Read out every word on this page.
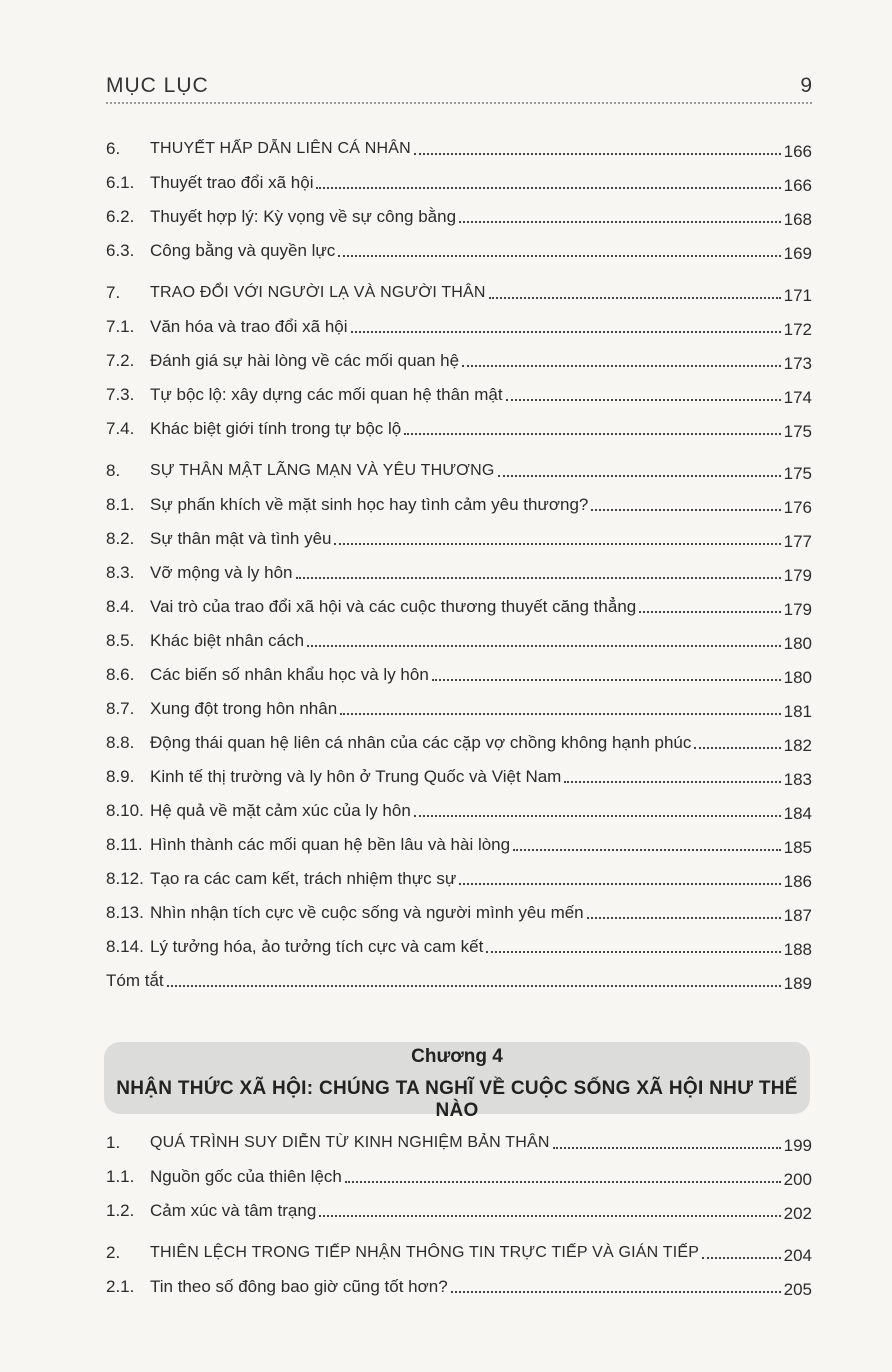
MỤC LỤC	9
6.	THUYẾT HẤP DẪN LIÊN CÁ NHÂN	166
6.1. Thuyết trao đổi xã hội	166
6.2. Thuyết hợp lý: Kỳ vọng về sự công bằng	168
6.3. Công bằng và quyền lực	169
7.	TRAO ĐỔI VỚI NGƯỜI LẠ VÀ NGƯỜI THÂN	171
7.1. Văn hóa và trao đổi xã hội	172
7.2. Đánh giá sự hài lòng về các mối quan hệ	173
7.3. Tự bộc lộ: xây dựng các mối quan hệ thân mật	174
7.4. Khác biệt giới tính trong tự bộc lộ	175
8.	SỰ THÂN MẬT LÃNG MẠN VÀ YÊU THƯƠNG	175
8.1. Sự phấn khích về mặt sinh học hay tình cảm yêu thương?	176
8.2. Sự thân mật và tình yêu	177
8.3. Vỡ mộng và ly hôn	179
8.4. Vai trò của trao đổi xã hội và các cuộc thương thuyết căng thẳng	179
8.5. Khác biệt nhân cách	180
8.6. Các biến số nhân khẩu học và ly hôn	180
8.7. Xung đột trong hôn nhân	181
8.8. Động thái quan hệ liên cá nhân của các cặp vợ chồng không hạnh phúc	182
8.9. Kinh tế thị trường và ly hôn ở Trung Quốc và Việt Nam	183
8.10. Hệ quả về mặt cảm xúc của ly hôn	184
8.11. Hình thành các mối quan hệ bền lâu và hài lòng	185
8.12. Tạo ra các cam kết, trách nhiệm thực sự	186
8.13. Nhìn nhận tích cực về cuộc sống và người mình yêu mến	187
8.14. Lý tưởng hóa, ảo tưởng tích cực và cam kết	188
Tóm tắt	189
Chương 4
NHẬN THỨC XÃ HỘI: CHÚNG TA NGHĨ VỀ CUỘC SỐNG XÃ HỘI NHƯ THẾ NÀO
1.	QUÁ TRÌNH SUY DIỄN TỪ KINH NGHIỆM BẢN THÂN	199
1.1. Nguồn gốc của thiên lệch	200
1.2. Cảm xúc và tâm trạng	202
2.	THIÊN LỆCH TRONG TIẾP NHẬN THÔNG TIN TRỰC TIẾP VÀ GIÁN TIẾP	204
2.1. Tin theo số đông bao giờ cũng tốt hơn?	205
